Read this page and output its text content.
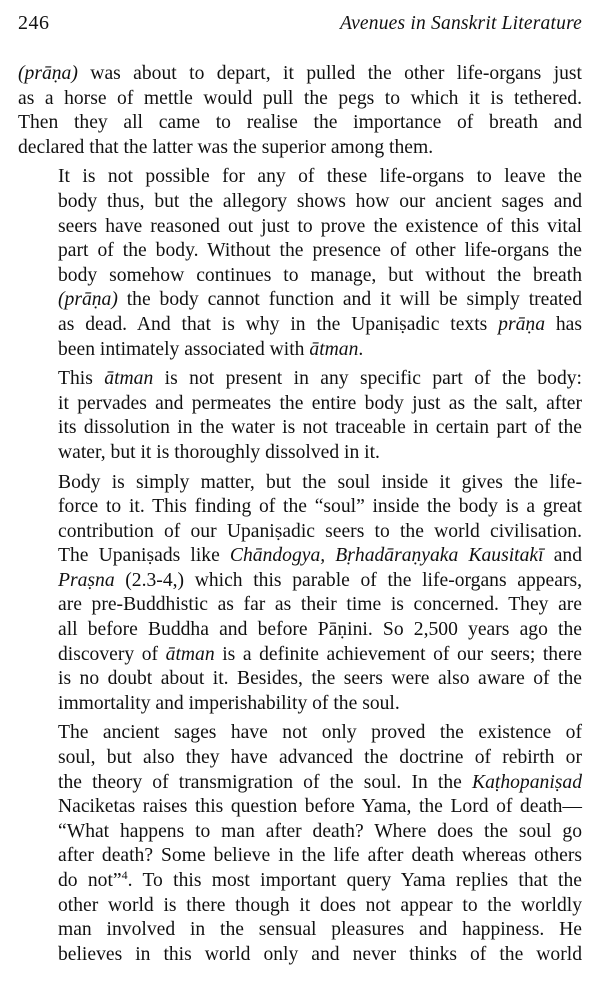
246	Avenues in Sanskrit Literature

(prāṇa) was about to depart, it pulled the other life-organs just
as a horse of mettle would pull the pegs to which it is tethered.
Then they all came to realise the importance of breath and
declared that the latter was the superior among them.

It is not possible for any of these life-organs to leave the
body thus, but the allegory shows how our ancient sages and
seers have reasoned out just to prove the existence of this vital
part of the body. Without the presence of other life-organs the
body somehow continues to manage, but without the breath
(prāṇa) the body cannot function and it will be simply treated
as dead. And that is why in the Upaniṣadic texts prāṇa has
been intimately associated with ātman.

This ātman is not present in any specific part of the body:
it pervades and permeates the entire body just as the salt, after
its dissolution in the water is not traceable in certain part of the
water, but it is thoroughly dissolved in it.

Body is simply matter, but the soul inside it gives the life-
force to it. This finding of the “soul” inside the body is a great
contribution of our Upaniṣadic seers to the world civilisation.
The Upaniṣads like Chāndogya, Bṛhadāraṇyaka Kausitakī and
Praṣna (2.3-4,) which this parable of the life-organs appears,
are pre-Buddhistic as far as their time is concerned. They are
all before Buddha and before Pāṇini. So 2,500 years ago the
discovery of ātman is a definite achievement of our seers; there
is no doubt about it. Besides, the seers were also aware of the
immortality and imperishability of the soul.

The ancient sages have not only proved the existence of
soul, but also they have advanced the doctrine of rebirth or
the theory of transmigration of the soul. In the Kaṭhopaniṣad
Naciketas raises this question before Yama, the Lord of death—
“What happens to man after death? Where does the soul go
after death? Some believe in the life after death whereas others
do not”$^4$. To this most important query Yama replies that the
other world is there though it does not appear to the worldly
man involved in the sensual pleasures and happiness. He
believes in this world only and never thinks of the world
